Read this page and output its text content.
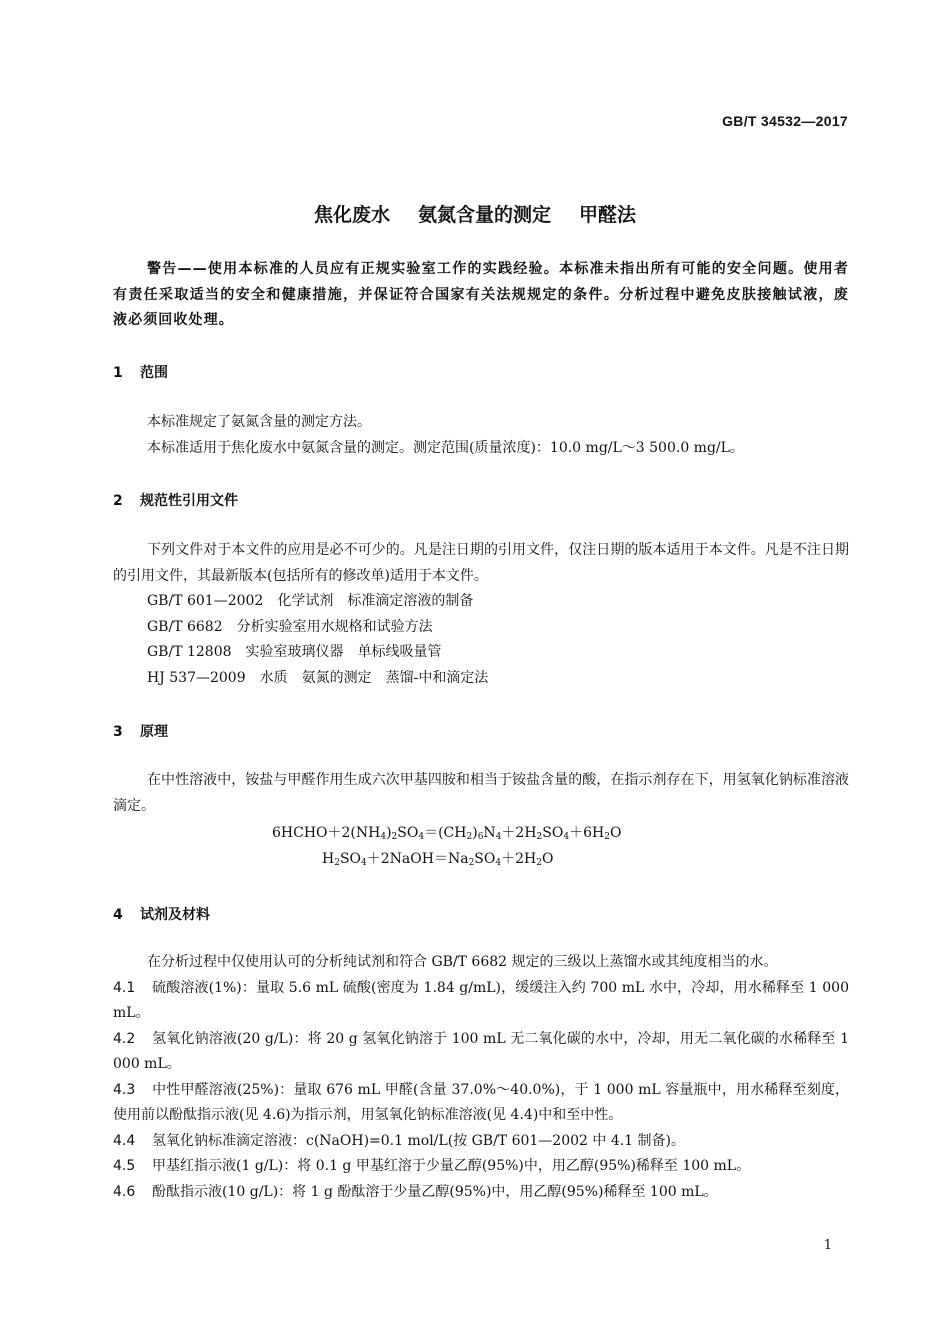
GB/T 34532—2017
焦化废水 氨氮含量的测定 甲醛法
警告——使用本标准的人员应有正规实验室工作的实践经验。本标准未指出所有可能的安全问题。使用者有责任采取适当的安全和健康措施，并保证符合国家有关法规规定的条件。分析过程中避免皮肤接触试液，废液必须回收处理。
1 范围
本标准规定了氨氮含量的测定方法。
本标准适用于焦化废水中氨氮含量的测定。测定范围(质量浓度)：10.0 mg/L～3 500.0 mg/L。
2 规范性引用文件
下列文件对于本文件的应用是必不可少的。凡是注日期的引用文件，仅注日期的版本适用于本文件。凡是不注日期的引用文件，其最新版本(包括所有的修改单)适用于本文件。
GB/T 601—2002 化学试剂　标准滴定溶液的制备
GB/T 6682 分析实验室用水规格和试验方法
GB/T 12808 实验室玻璃仪器　单标线吸量管
HJ 537—2009 水质　氨氮的测定　蒸馏-中和滴定法
3 原理
在中性溶液中，铵盐与甲醛作用生成六次甲基四胺和相当于铵盐含量的酸，在指示剂存在下，用氢氧化钠标准溶液滴定。
$6HCHO+2(NH_4)_2SO_4=(CH_2)_6N_4+2H_2SO_4+6H_2O$
$H_2SO_4+2NaOH=Na_2SO_4+2H_2O$
4 试剂及材料
在分析过程中仅使用认可的分析纯试剂和符合 GB/T 6682 规定的三级以上蒸馏水或其纯度相当的水。
4.1 硫酸溶液(1%)：量取 5.6 mL 硫酸(密度为 1.84 g/mL)，缓缓注入约 700 mL 水中，冷却，用水稀释至 1 000 mL。
4.2 氢氧化钠溶液(20 g/L)：将 20 g 氢氧化钠溶于 100 mL 无二氧化碳的水中，冷却，用无二氧化碳的水稀释至 1 000 mL。
4.3 中性甲醛溶液(25%)：量取 676 mL 甲醛(含量 37.0%～40.0%)，于 1 000 mL 容量瓶中，用水稀释至刻度，使用前以酚酞指示液(见 4.6)为指示剂，用氢氧化钠标准溶液(见 4.4)中和至中性。
4.4 氢氧化钠标准滴定溶液：c(NaOH)=0.1 mol/L(按 GB/T 601—2002 中 4.1 制备)。
4.5 甲基红指示液(1 g/L)：将 0.1 g 甲基红溶于少量乙醇(95%)中，用乙醇(95%)稀释至 100 mL。
4.6 酚酞指示液(10 g/L)：将 1 g 酚酞溶于少量乙醇(95%)中，用乙醇(95%)稀释至 100 mL。
1
